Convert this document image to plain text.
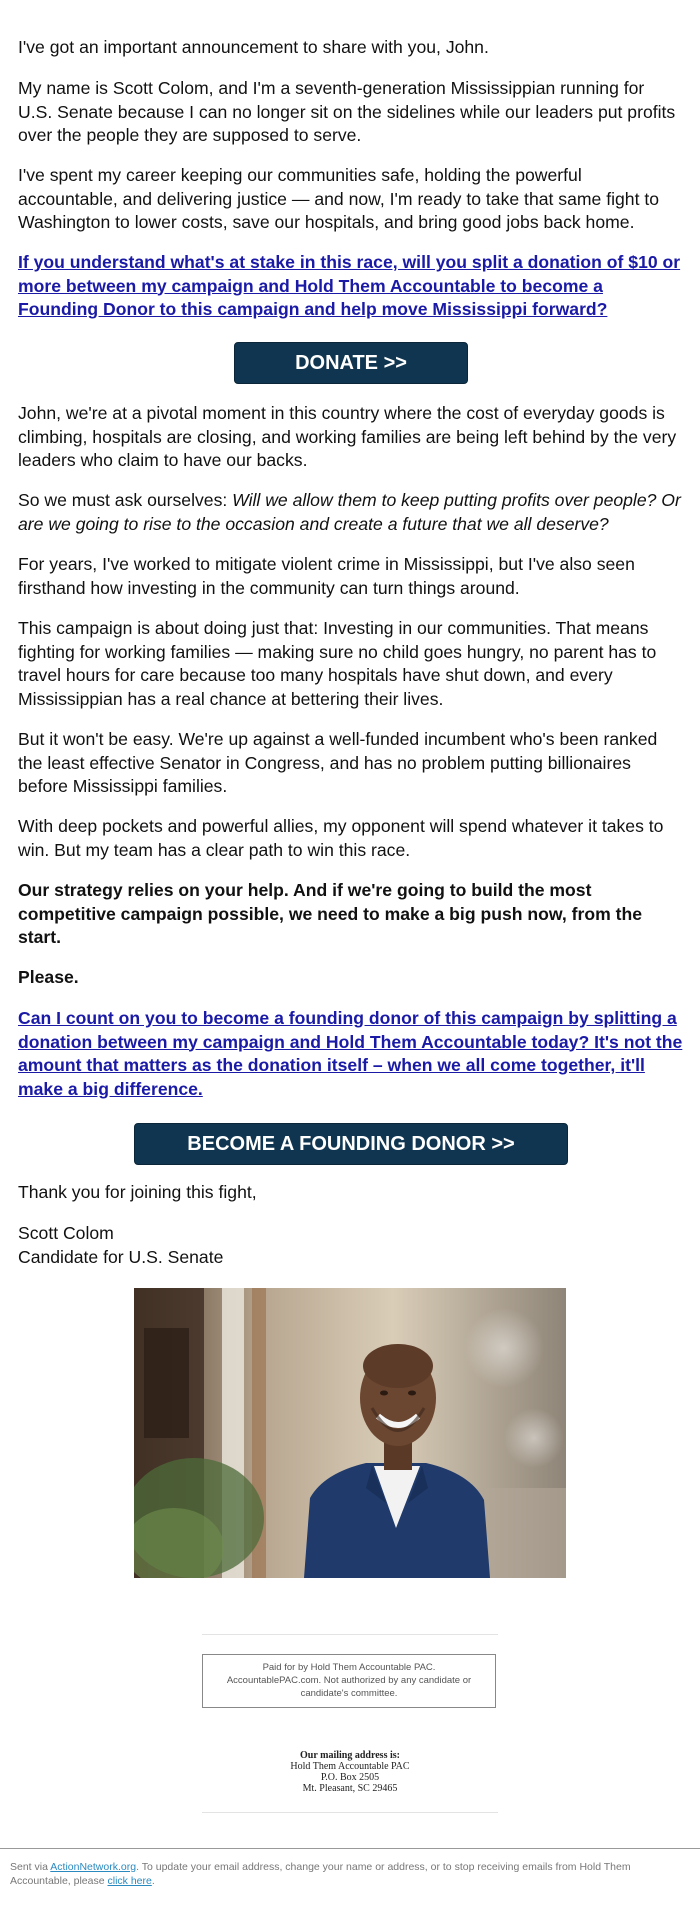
I've got an important announcement to share with you, John.

My name is Scott Colom, and I'm a seventh-generation Mississippian running for U.S. Senate because I can no longer sit on the sidelines while our leaders put profits over the people they are supposed to serve.

I've spent my career keeping our communities safe, holding the powerful accountable, and delivering justice — and now, I'm ready to take that same fight to Washington to lower costs, save our hospitals, and bring good jobs back home.

If you understand what's at stake in this race, will you split a donation of $10 or more between my campaign and Hold Them Accountable to become a Founding Donor to this campaign and help move Mississippi forward?

DONATE >>

John, we're at a pivotal moment in this country where the cost of everyday goods is climbing, hospitals are closing, and working families are being left behind by the very leaders who claim to have our backs.

So we must ask ourselves: Will we allow them to keep putting profits over people? Or are we going to rise to the occasion and create a future that we all deserve?

For years, I've worked to mitigate violent crime in Mississippi, but I've also seen firsthand how investing in the community can turn things around.

This campaign is about doing just that: Investing in our communities. That means fighting for working families — making sure no child goes hungry, no parent has to travel hours for care because too many hospitals have shut down, and every Mississippian has a real chance at bettering their lives.

But it won't be easy. We're up against a well-funded incumbent who's been ranked the least effective Senator in Congress, and has no problem putting billionaires before Mississippi families.

With deep pockets and powerful allies, my opponent will spend whatever it takes to win. But my team has a clear path to win this race.

Our strategy relies on your help. And if we're going to build the most competitive campaign possible, we need to make a big push now, from the start.

Please.

Can I count on you to become a founding donor of this campaign by splitting a donation between my campaign and Hold Them Accountable today? It's not the amount that matters as the donation itself – when we all come together, it'll make a big difference.

BECOME A FOUNDING DONOR >>

Thank you for joining this fight,

Scott Colom

Candidate for U.S. Senate

Paid for by Hold Them Accountable PAC.
AccountablePAC.com. Not authorized by any candidate or candidate's committee.
Our mailing address is:
Hold Them Accountable PAC
P.O. Box 2505
Mt. Pleasant, SC 29465
Sent via ActionNetwork.org. To update your email address, change your name or address, or to stop receiving emails from Hold Them Accountable, please click here.
